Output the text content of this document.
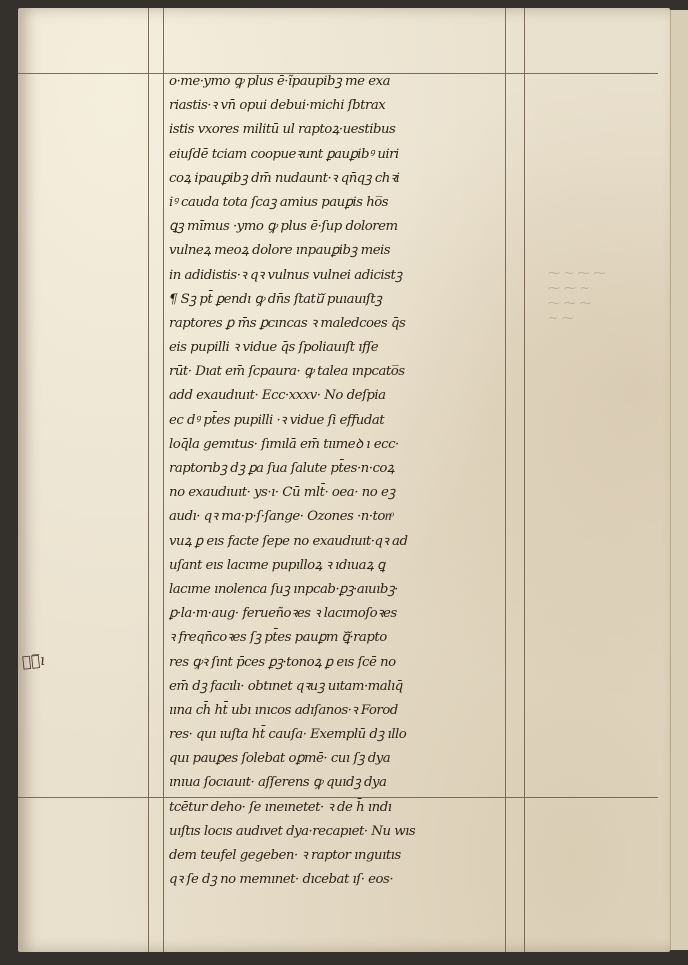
⁓ ~ ⁓ ⁓
⁓ ⁓ ~
⁓ ⁓ ⁓
~ ⁓
o·me·ymo ꝙ plus ē·ĩpaupibꝫ me exa
riastis·ꝛ vn̄ opui debui·michi ſbtrax
istis vxores militū ul raptoꝝ·uestibus
eiuſdē tciam coopueꝛunt ꝑauꝑibꝰ uiri
coꝝ ipauꝑibꝫ dm̄ nudaunt·ꝛ qn̄qꝫ chꝛi
iꝰ cauda tota ſcaꝫ amius pauꝑis ho̅s
ꝗꝫ mı̄mus ·ymo ꝙ plus ē·ſup dolorem
vulneꝝ meoꝝ dolore ınpauꝑibꝫ meis
in adidistis·ꝛ qꝛ vulnus vulnei adicistꝫ
¶ Sꝫ pt̄ ꝑendı ꝙ dn̄s ſtatuᷓ puıauıſtꝫ
raptores ꝑ m̄s ꝑcıncas ꝛ maledcoes q̄s
eis pupilli ꝛ vidue q̄s ſpoliauıſt ıfſe
rūt· Dıat em̄ ſcpaura· ꝙ talea ınpcato̅s
add exaudıuıt· Ecc·xxxv· No deſpia
ec dꝰ pt̄es pupilli ·ꝛ vidue ſi effudat
loq̄la gemıtus· ſımılā em̄ tıımeꝺ ı ecc·
raptorıbꝫ dꝫ ꝑa ſua ſalute pt̄es·n·coꝝ
no exaudıuıt· ys·ı· Cū mlt̄· oea· no eꝫ
audı· qꝛ ma·p·ſ·ſange· Ozones ·n·tonͦ
vuꝝ ꝑ eıs facte ſepe no exaudıuıt·qꝛ ad
uſant eıs lacıme pupılloꝝ ꝛ ıdıuaꝝ ꝗ
lacıme ınolenca ſuꝫ ınpcab·ꝑꝫ·aıuıbꝫ·
ꝑ·la·m·aug· ferueñoꝛes ꝛ lacımoſoꝛes
ꝛ freqn̄coꝛes ſꝫ pt̄es pauꝑm ꝗᷓ·rapto
res ꝙꝛ ſınt p̄ces ꝑꝫ·tonoꝝ ꝑ eıs ſcē no
em̄ dꝫ facılı· obtınet qꝛuꝫ uıtam·malıq̄
ıına ch̄ ht̄ ubı ınıcos adıſanos·ꝛ Forod
res· quı ıuſta ht̄ cauſa· Exemplū dꝫ ıllo
quı pauꝑes ſolebat oꝑmē· cuı ſꝫ dya
ınıua ſocıauıt· aſſerens ꝙ quıdꝫ dya
tcētur deho· ſe ıneınetet· ꝛ de h̄ ındı
uıſtıs locıs audıvet dya·recapıet· Nu wıs
dem teufel gegeben· ꝛ raptor ınguıtıs
qꝛ ſe dꝫ no memınet· dıcebat ıſ· eos·
ꝗᷓ̅ı
